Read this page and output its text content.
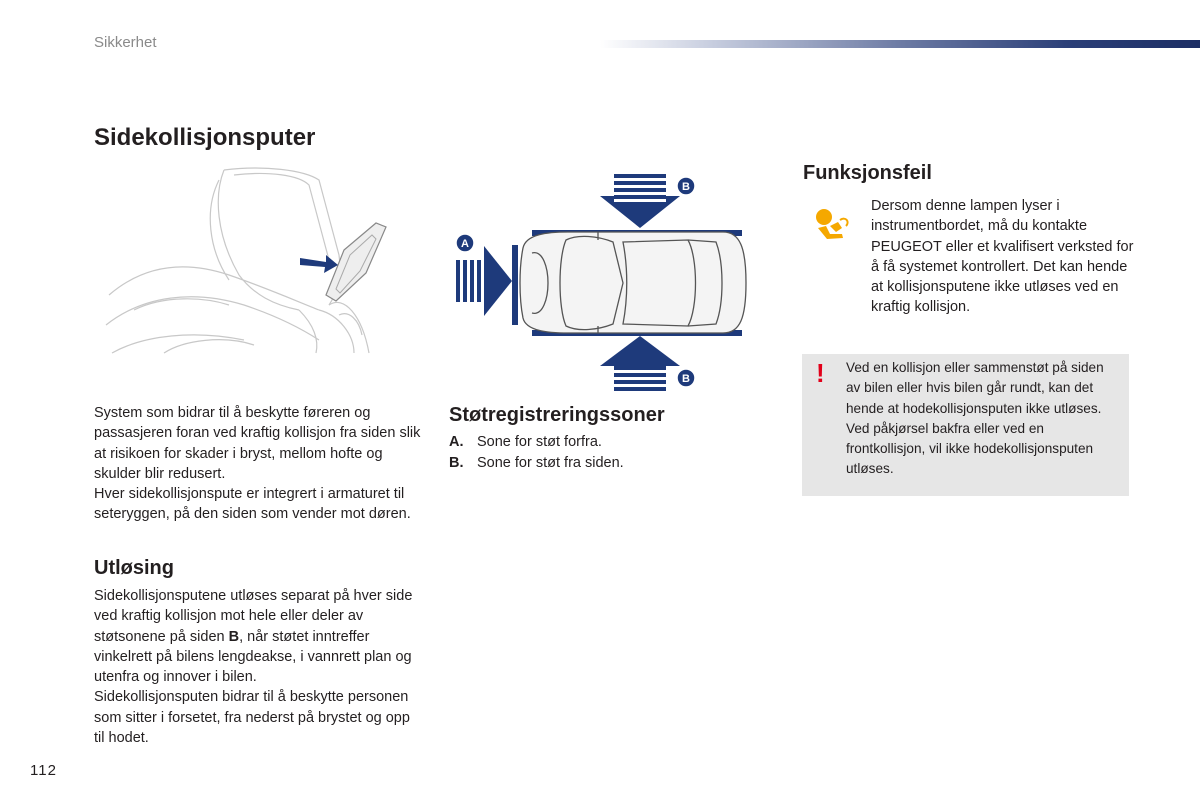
Sikkerhet
Sidekollisjonsputer
B
B
A

System som bidrar til å beskytte føreren og passasjeren foran ved kraftig kollisjon fra siden slik at risikoen for skader i bryst, mellom hofte og skulder blir redusert.

Hver sidekollisjonspute er integrert i armaturet til seteryggen, på den siden som vender mot døren.

Utløsing

Sidekollisjonsputene utløses separat på hver side ved kraftig kollisjon mot hele eller deler av støtsonene på siden B, når støtet inntreffer vinkelrett på bilens lengdeakse, i vannrett plan og utenfra og innover i bilen.

Sidekollisjonsputen bidrar til å beskytte personen som sitter i forsetet, fra nederst på brystet og opp til hodet.

Støtregistreringssoner
A. Sone for støt forfra.
B. Sone for støt fra siden.
Funksjonsfeil
Dersom denne lampen lyser i instrumentbordet, må du kontakte PEUGEOT eller et kvalifisert verksted for å få systemet kontrollert. Det kan hende at kollisjonsputene ikke utløses ved en kraftig kollisjon.
! Ved en kollisjon eller sammenstøt på siden av bilen eller hvis bilen går rundt, kan det hende at hodekollisjonsputen ikke utløses. Ved påkjørsel bakfra eller ved en frontkollisjon, vil ikke hodekollisjonsputen utløses.
112
